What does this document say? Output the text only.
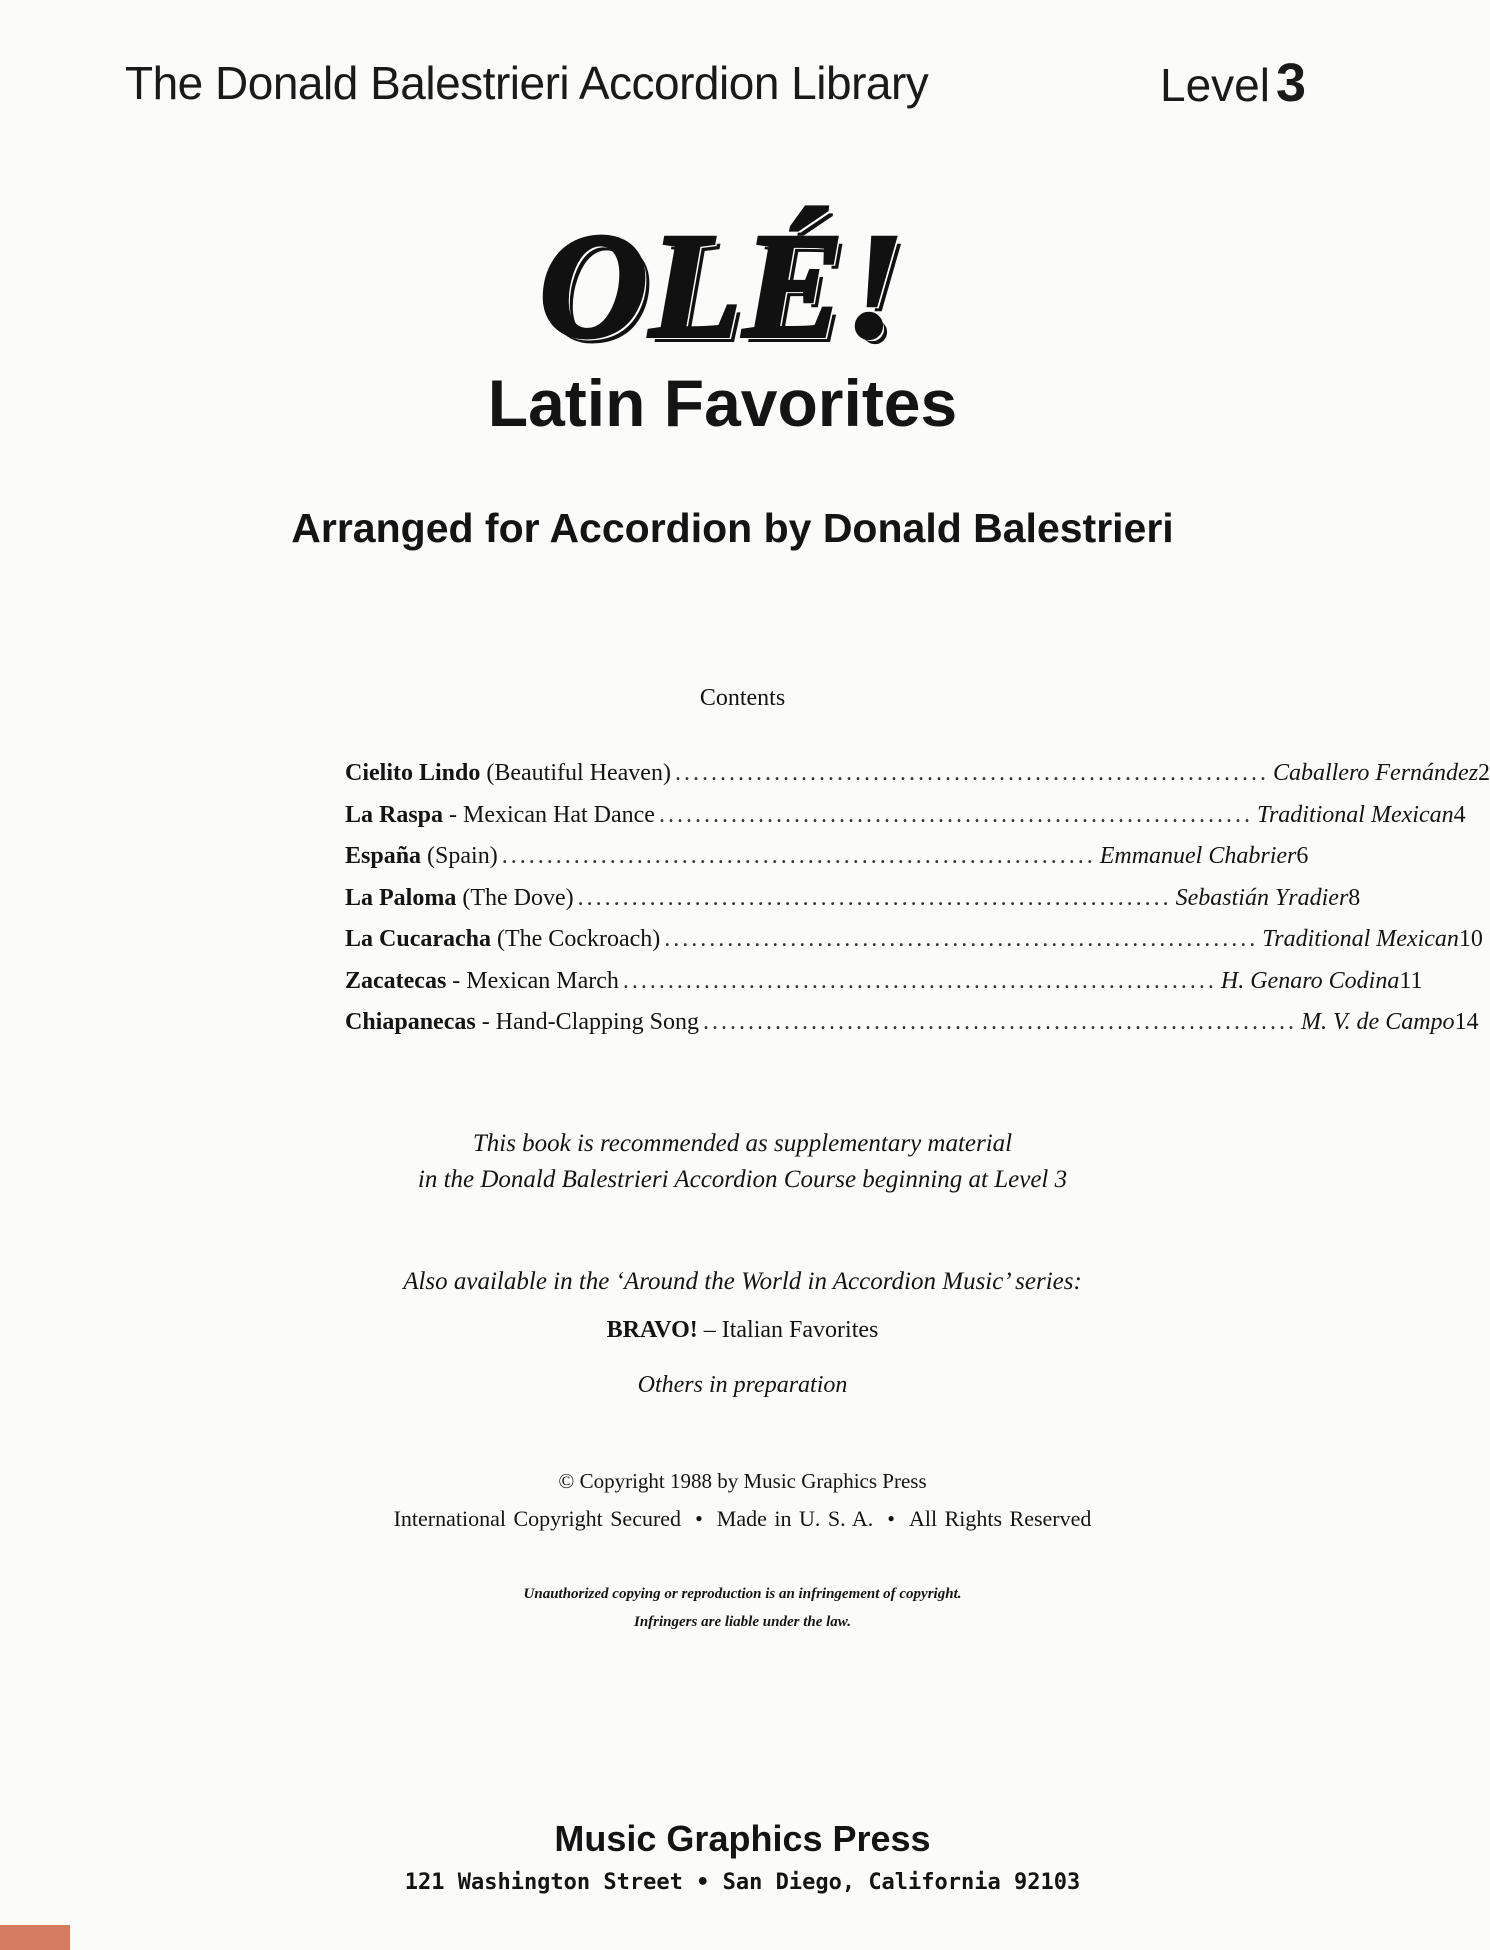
The Donald Balestrieri Accordion Library	Level 3
OLÉ!
Latin Favorites
Arranged for Accordion by Donald Balestrieri
Contents
Cielito Lindo (Beautiful Heaven) .................................................................. Caballero Fernández 2
La Raspa - Mexican Hat Dance .................................................................. Traditional Mexican 4
España (Spain) .................................................................. Emmanuel Chabrier 6
La Paloma (The Dove) .................................................................. Sebastián Yradier 8
La Cucaracha (The Cockroach) .................................................................. Traditional Mexican 10
Zacatecas - Mexican March .................................................................. H. Genaro Codina 11
Chiapanecas - Hand-Clapping Song .................................................................. M. V. de Campo 14
This book is recommended as supplementary material
in the Donald Balestrieri Accordion Course beginning at Level 3
Also available in the ‘Around the World in Accordion Music’ series:
BRAVO! – Italian Favorites
Others in preparation
© Copyright 1988 by Music Graphics Press
International Copyright Secured • Made in U. S. A. • All Rights Reserved
Unauthorized copying or reproduction is an infringement of copyright.
Infringers are liable under the law.
Music Graphics Press
121 Washington Street • San Diego, California 92103
